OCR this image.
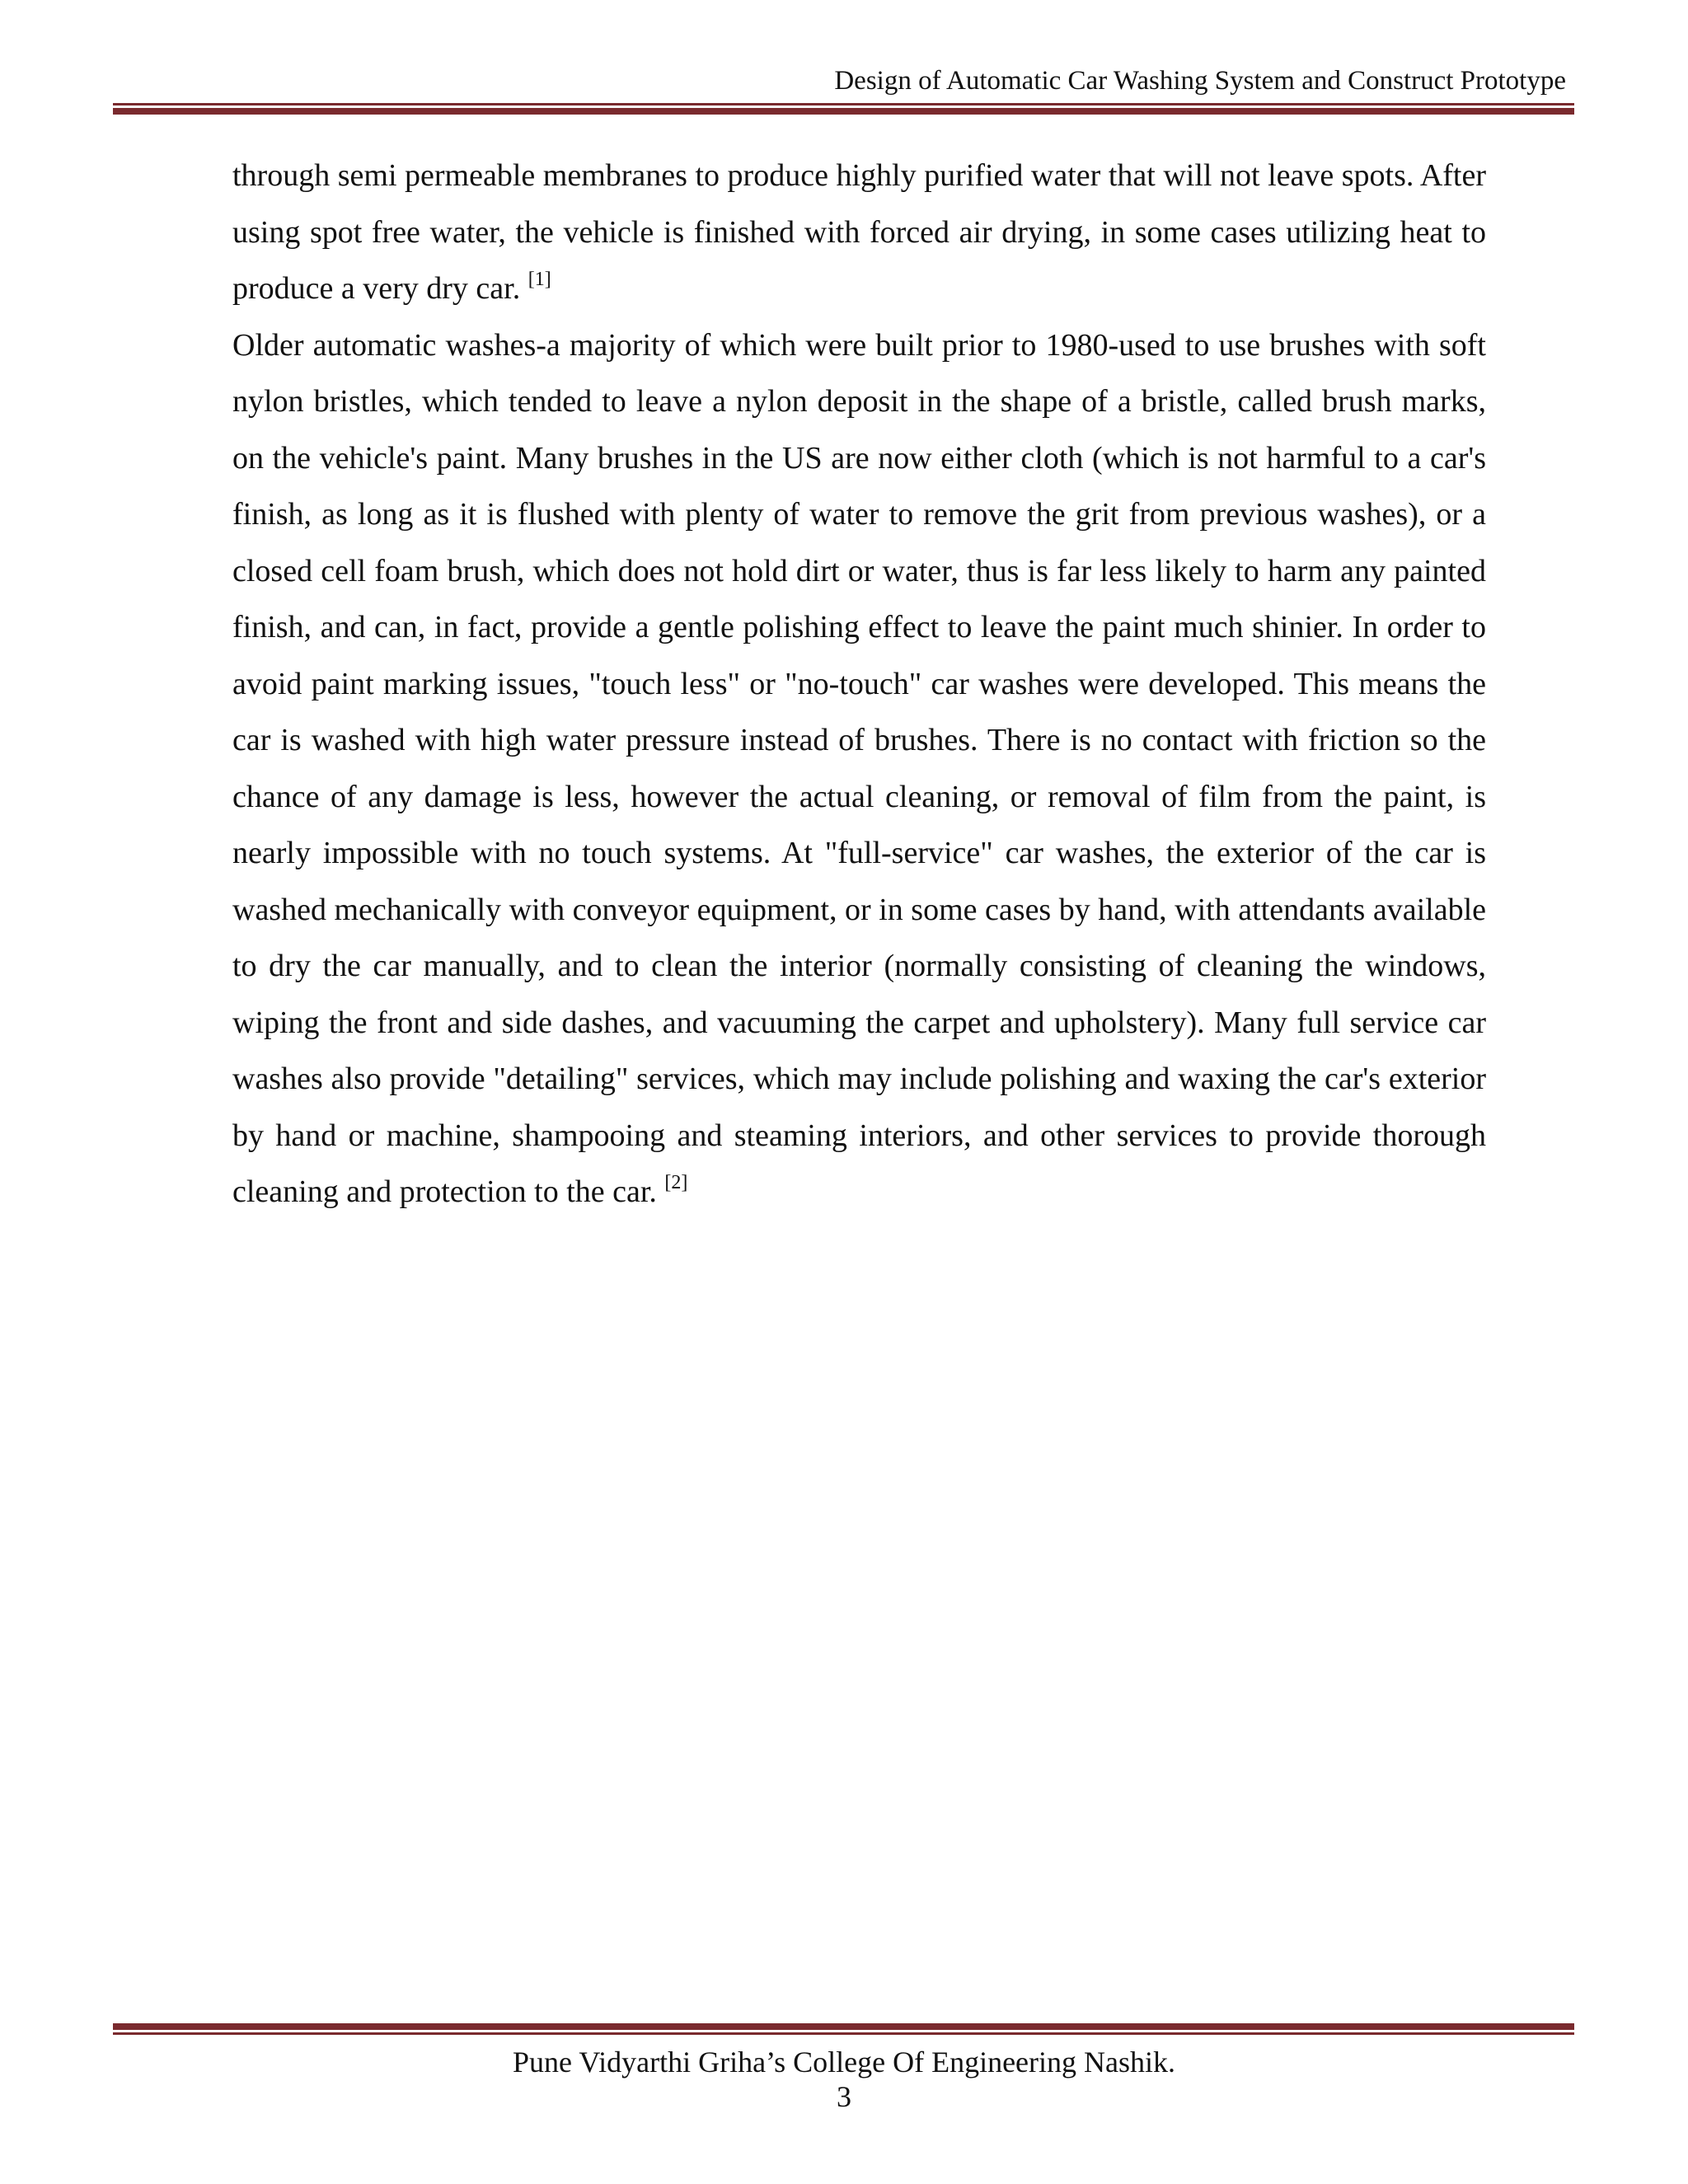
Design of Automatic Car Washing System and Construct Prototype

through semi permeable membranes to produce highly purified water that will not leave spots. After using spot free water, the vehicle is finished with forced air drying, in some cases utilizing heat to produce a very dry car. [1]

Older automatic washes-a majority of which were built prior to 1980-used to use brushes with soft nylon bristles, which tended to leave a nylon deposit in the shape of a bristle, called brush marks, on the vehicle's paint. Many brushes in the US are now either cloth (which is not harmful to a car's finish, as long as it is flushed with plenty of water to remove the grit from previous washes), or a closed cell foam brush, which does not hold dirt or water, thus is far less likely to harm any painted finish, and can, in fact, provide a gentle polishing effect to leave the paint much shinier. In order to avoid paint marking issues, "touch less" or "no-touch" car washes were developed. This means the car is washed with high water pressure instead of brushes. There is no contact with friction so the chance of any damage is less, however the actual cleaning, or removal of film from the paint, is nearly impossible with no touch systems. At "full-service" car washes, the exterior of the car is washed mechanically with conveyor equipment, or in some cases by hand, with attendants available to dry the car manually, and to clean the interior (normally consisting of cleaning the windows, wiping the front and side dashes, and vacuuming the carpet and upholstery). Many full service car washes also provide "detailing" services, which may include polishing and waxing the car's exterior by hand or machine, shampooing and steaming interiors, and other services to provide thorough cleaning and protection to the car. [2]

Pune Vidyarthi Griha’s College Of Engineering Nashik.
3
